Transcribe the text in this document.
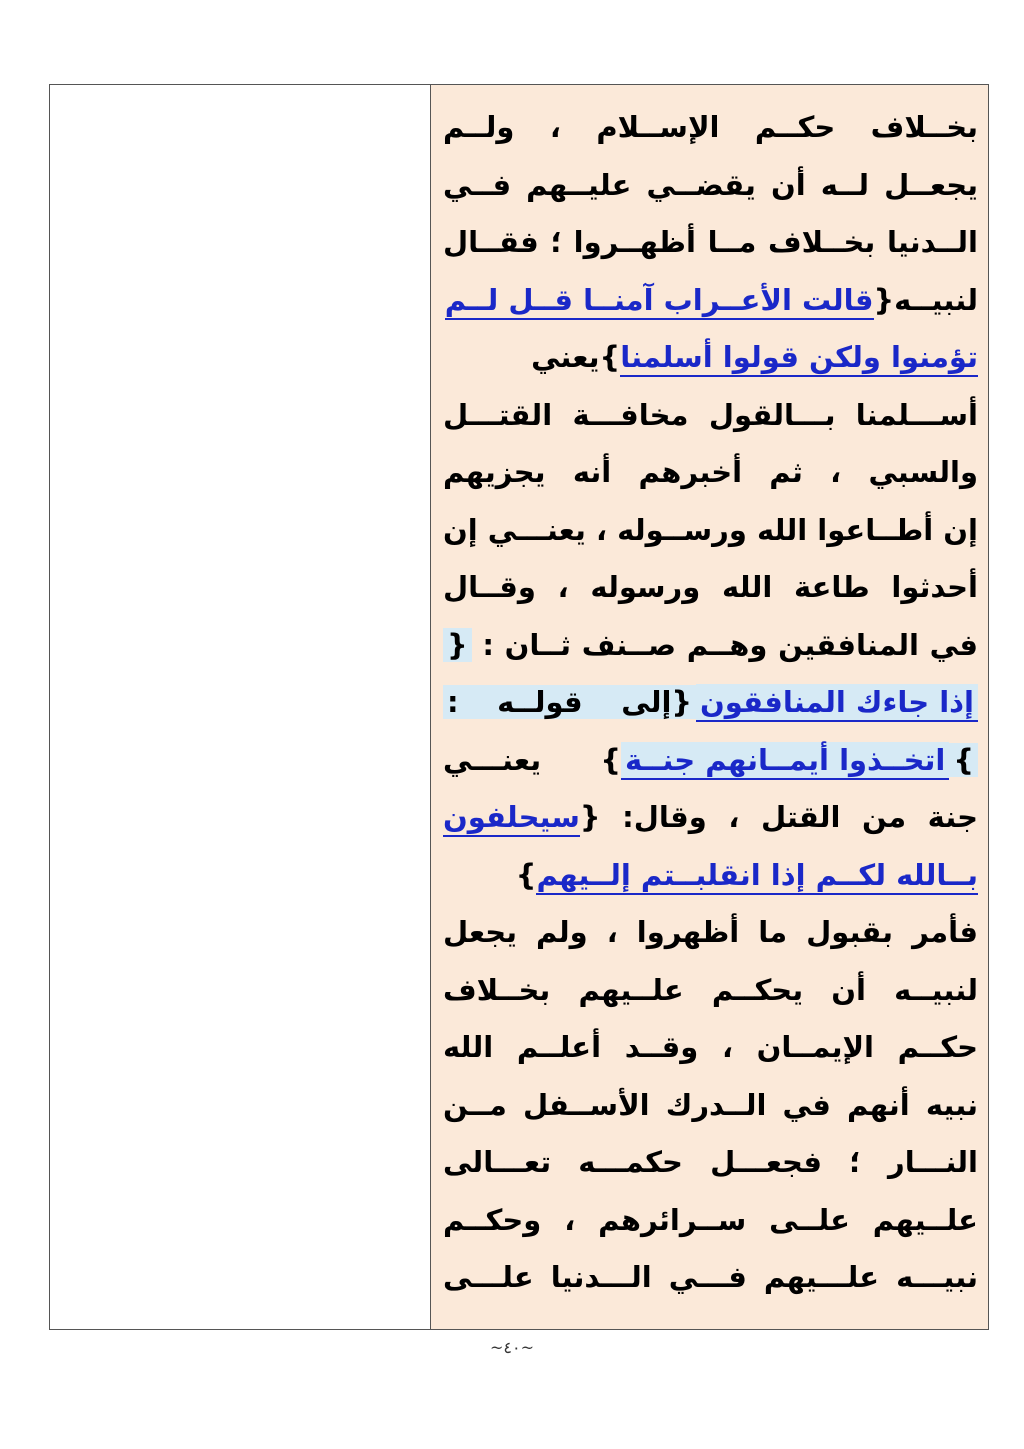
بخــلاف حكــم الإســلام ، ولــم
يجعــل لــه أن يقضــي عليــهم فــي
الــدنيا بخــلاف مــا أظهــروا ؛ فقــال
لنبيــه{قالت الأعــراب آمنــا قــل لــم
تؤمنوا ولكن قولوا أسلمنا}يعني
أســـلمنا بـــالقول مخافـــة القتـــل
والسبي ، ثم أخبرهم أنه يجزيهم
إن أطــاعوا الله ورســوله ، يعنـــي إن
أحدثوا طاعة الله ورسوله ، وقــال
في المنافقين وهــم صــنف ثــان : {
إذا جاءك المنافقون{إلى قولــه :
}اتخــذوا أيمــانهم جنــة} يعنـــي
جنة من القتل ، وقال: {سيحلفون
بــالله لكــم إذا انقلبــتم إلــيهم}
فأمر بقبول ما أظهروا ، ولم يجعل
لنبيــه أن يحكــم علــيهم بخــلاف
حكــم الإيمــان ، وقــد أعلــم الله
نبيه أنهم في الــدرك الأســفل مــن
النـــار ؛ فجعـــل حكمـــه تعـــالى
علــيهم علــى ســرائرهم ، وحكــم
نبيـــه علـــيهم فـــي الـــدنيا علـــى
~٤٠~
